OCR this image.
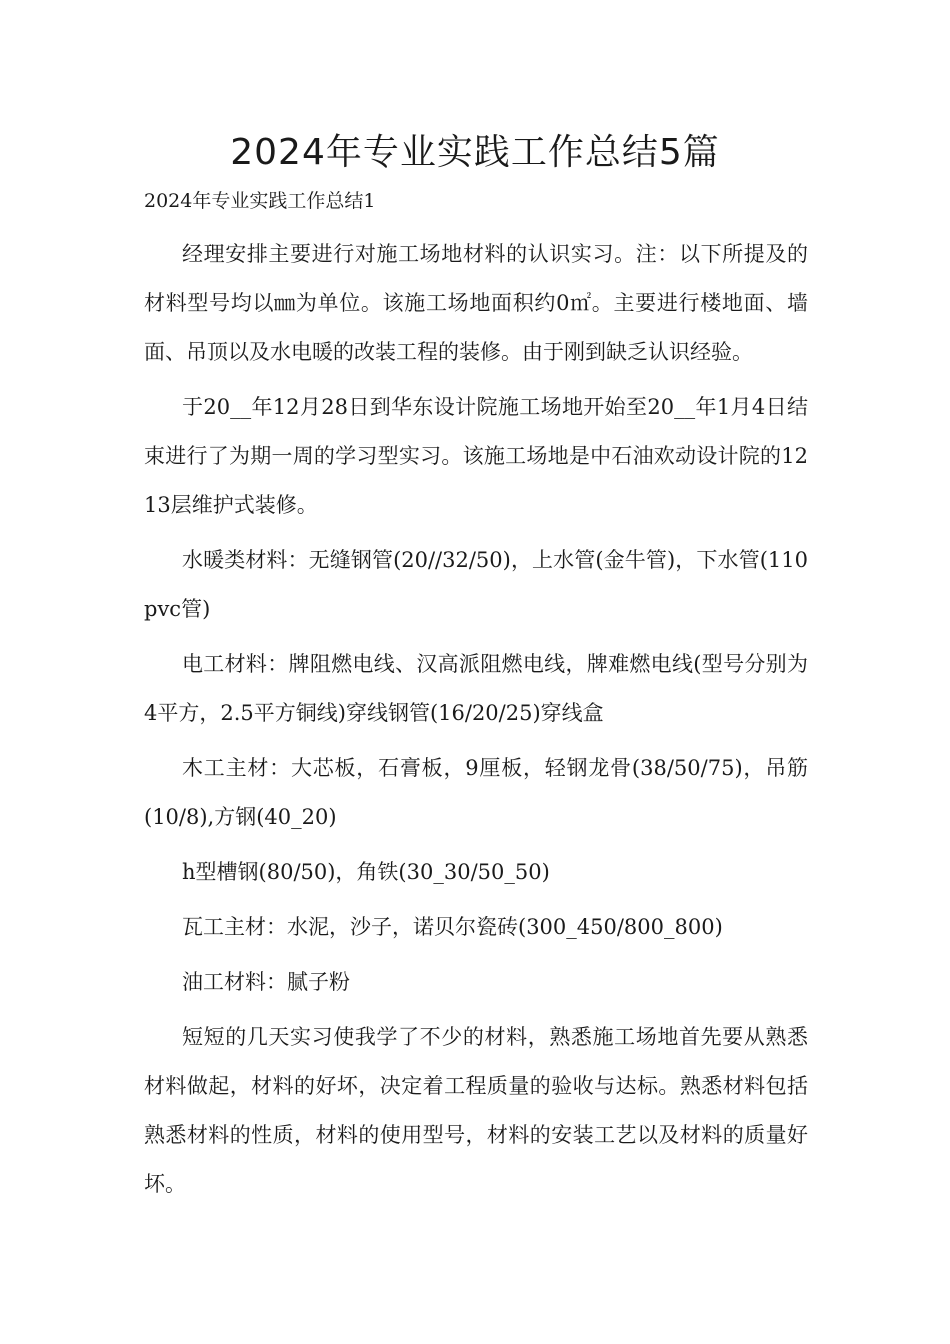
2024年专业实践工作总结5篇

2024年专业实践工作总结1

经理安排主要进行对施工场地材料的认识实习。注：以下所提及的材料型号均以㎜为单位。该施工场地面积约0㎡。主要进行楼地面、墙面、吊顶以及水电暖的改装工程的装修。由于刚到缺乏认识经验。

于20__年12月28日到华东设计院施工场地开始至20__年1月4日结束进行了为期一周的学习型实习。该施工场地是中石油欢动设计院的1213层维护式装修。

水暖类材料：无缝钢管(20//32/50)，上水管(金牛管)，下水管(110pvc管)

电工材料：牌阻燃电线、汉高派阻燃电线，牌难燃电线(型号分别为4平方，2.5平方铜线)穿线钢管(16/20/25)穿线盒

木工主材：大芯板，石膏板，9厘板，轻钢龙骨(38/50/75)，吊筋(10/8),方钢(40_20)

h型槽钢(80/50)，角铁(30_30/50_50)

瓦工主材：水泥，沙子，诺贝尔瓷砖(300_450/800_800)

油工材料：腻子粉

短短的几天实习使我学了不少的材料，熟悉施工场地首先要从熟悉材料做起，材料的好坏，决定着工程质量的验收与达标。熟悉材料包括熟悉材料的性质，材料的使用型号，材料的安装工艺以及材料的质量好坏。
